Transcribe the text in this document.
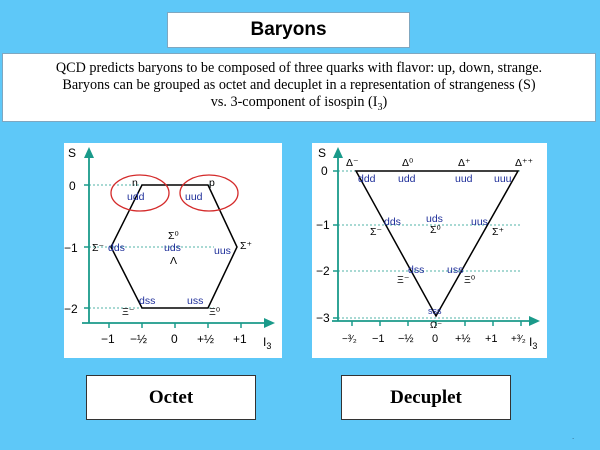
Baryons
QCD predicts baryons to be composed of three quarks with flavor: up, down, strange.
Baryons can be grouped as octet and decuplet in a representation of strangeness (S)
vs. 3-component of isospin $(I_3)$
S
$I_3$
0
−1
−2
−1 −½ 0 +½ +1
n
udd
p
uud
Σ⁻ dds	Σ⁺
uus
Σ⁰
uds
Λ
Ξ⁻
dss
Ξ⁰
uss
S
$I_3$
0
−1
−2
−3
−³⁄₂ −1 −½ 0 +½ +1 +³⁄₂
Δ⁻
ddd
Δ⁰
udd
Δ⁺
uud
Δ⁺⁺
uuu
Σ⁻
dds
Σ⁰
uds
Σ⁺
uus
Ξ⁻
dss
Ξ⁰
uss
sss
Ω⁻
Octet	Decuplet
.
